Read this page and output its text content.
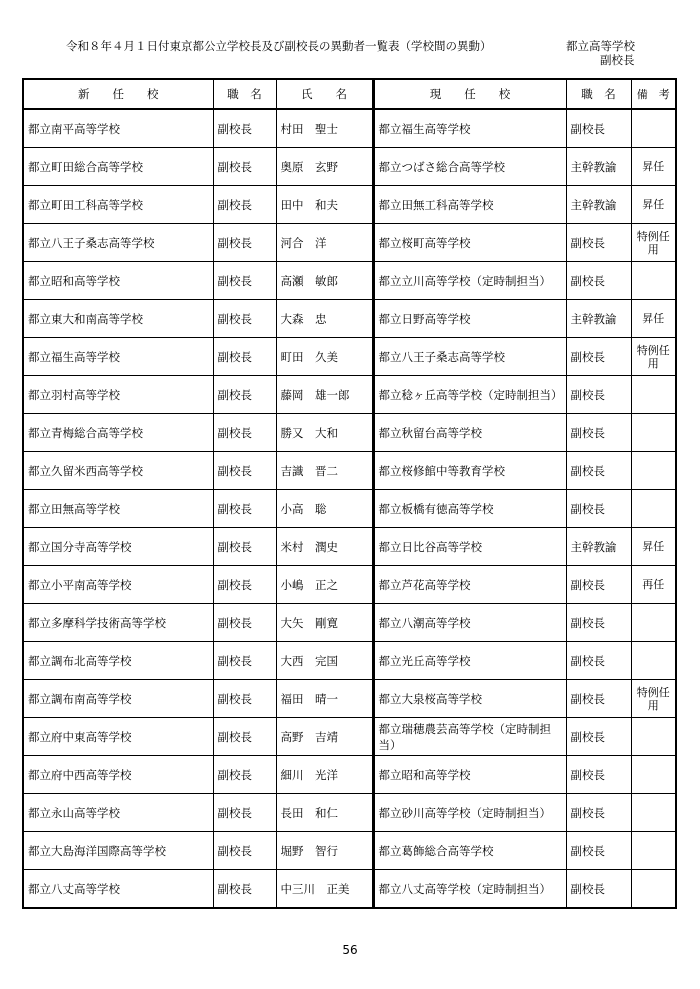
令和８年４月１日付東京都公立学校長及び副校長の異動者一覧表（学校間の異動）	都立高等学校
副校長
新　　任　　校	職　名	氏　　名	現　　任　　校	職　名	備　考
都立南平高等学校	副校長	村田　聖士	都立福生高等学校	副校長	
都立町田総合高等学校	副校長	奥原　玄野	都立つばさ総合高等学校	主幹教諭	昇任
都立町田工科高等学校	副校長	田中　和夫	都立田無工科高等学校	主幹教諭	昇任
都立八王子桑志高等学校	副校長	河合　洋	都立桜町高等学校	副校長	特例任用
都立昭和高等学校	副校長	高瀬　敏郎	都立立川高等学校（定時制担当）	副校長	
都立東大和南高等学校	副校長	大森　忠	都立日野高等学校	主幹教諭	昇任
都立福生高等学校	副校長	町田　久美	都立八王子桑志高等学校	副校長	特例任用
都立羽村高等学校	副校長	藤岡　雄一郎	都立稔ヶ丘高等学校（定時制担当）	副校長	
都立青梅総合高等学校	副校長	勝又　大和	都立秋留台高等学校	副校長	
都立久留米西高等学校	副校長	吉識　晋二	都立桜修館中等教育学校	副校長	
都立田無高等学校	副校長	小高　聡	都立板橋有徳高等学校	副校長	
都立国分寺高等学校	副校長	米村　潤史	都立日比谷高等学校	主幹教諭	昇任
都立小平南高等学校	副校長	小嶋　正之	都立芦花高等学校	副校長	再任
都立多摩科学技術高等学校	副校長	大矢　剛寛	都立八潮高等学校	副校長	
都立調布北高等学校	副校長	大西　完国	都立光丘高等学校	副校長	
都立調布南高等学校	副校長	福田　晴一	都立大泉桜高等学校	副校長	特例任用
都立府中東高等学校	副校長	高野　吉靖	都立瑞穂農芸高等学校（定時制担当）	副校長	
都立府中西高等学校	副校長	細川　光洋	都立昭和高等学校	副校長	
都立永山高等学校	副校長	長田　和仁	都立砂川高等学校（定時制担当）	副校長	
都立大島海洋国際高等学校	副校長	堀野　智行	都立葛飾総合高等学校	副校長	
都立八丈高等学校	副校長	中三川　正美	都立八丈高等学校（定時制担当）	副校長	
56
